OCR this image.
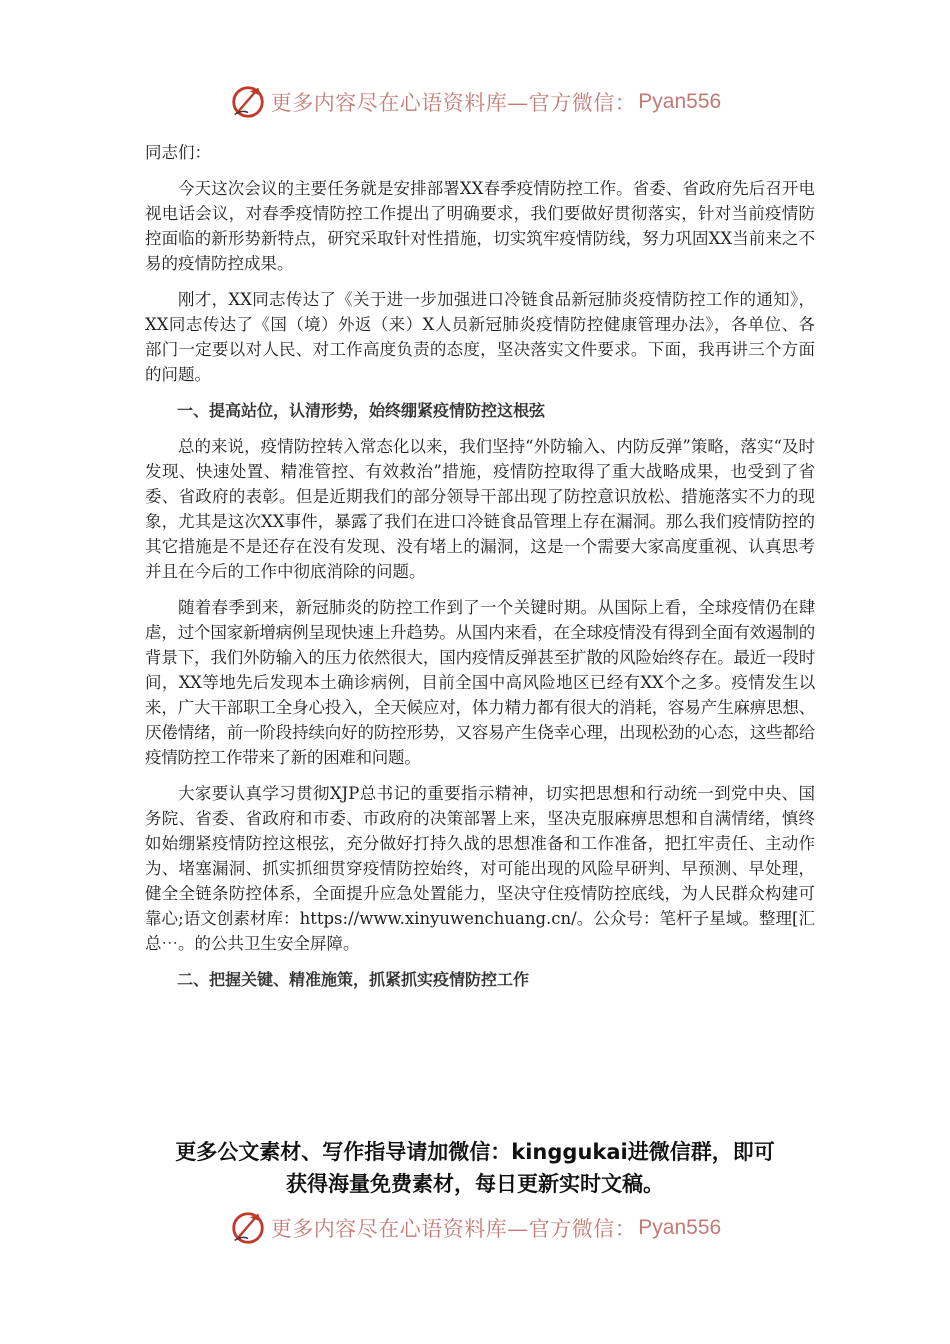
更多内容尽在心语资料库—官方微信： Pyan556

同志们：

今天这次会议的主要任务就是安排部署XX春季疫情防控工作。省委、省政府先后召开电视电话会议，对春季疫情防控工作提出了明确要求，我们要做好贯彻落实，针对当前疫情防控面临的新形势新特点，研究采取针对性措施，切实筑牢疫情防线，努力巩固XX当前来之不易的疫情防控成果。

刚才，XX同志传达了《关于进一步加强进口冷链食品新冠肺炎疫情防控工作的通知》，XX同志传达了《国（境）外返（来）X人员新冠肺炎疫情防控健康管理办法》，各单位、各部门一定要以对人民、对工作高度负责的态度，坚决落实文件要求。下面，我再讲三个方面的问题。

一、提高站位，认清形势，始终绷紧疫情防控这根弦

总的来说，疫情防控转入常态化以来，我们坚持“外防输入、内防反弹”策略，落实“及时发现、快速处置、精准管控、有效救治”措施，疫情防控取得了重大战略成果，也受到了省委、省政府的表彰。但是近期我们的部分领导干部出现了防控意识放松、措施落实不力的现象，尤其是这次XX事件，暴露了我们在进口冷链食品管理上存在漏洞。那么我们疫情防控的其它措施是不是还存在没有发现、没有堵上的漏洞，这是一个需要大家高度重视、认真思考并且在今后的工作中彻底消除的问题。

随着春季到来，新冠肺炎的防控工作到了一个关键时期。从国际上看，全球疫情仍在肆虐，过个国家新增病例呈现快速上升趋势。从国内来看，在全球疫情没有得到全面有效遏制的背景下，我们外防输入的压力依然很大，国内疫情反弹甚至扩散的风险始终存在。最近一段时间，XX等地先后发现本土确诊病例，目前全国中高风险地区已经有XX个之多。疫情发生以来，广大干部职工全身心投入，全天候应对，体力精力都有很大的消耗，容易产生麻痹思想、厌倦情绪，前一阶段持续向好的防控形势，又容易产生侥幸心理，出现松劲的心态，这些都给疫情防控工作带来了新的困难和问题。

大家要认真学习贯彻XJP总书记的重要指示精神，切实把思想和行动统一到党中央、国务院、省委、省政府和市委、市政府的决策部署上来，坚决克服麻痹思想和自满情绪，慎终如始绷紧疫情防控这根弦，充分做好打持久战的思想准备和工作准备，把扛牢责任、主动作为、堵塞漏洞、抓实抓细贯穿疫情防控始终，对可能出现的风险早研判、早预测、早处理，健全全链条防控体系，全面提升应急处置能力，坚决守住疫情防控底线，为人民群众构建可靠心;语文创素材库：https://www.xinyuwenchuang.cn/。公众号：笔杆子星域。整理[汇总⋯。的公共卫生安全屏障。

二、把握关键、精准施策，抓紧抓实疫情防控工作

更多公文素材、写作指导请加微信：kinggukai进微信群，即可
获得海量免费素材，每日更新实时文稿。
更多内容尽在心语资料库—官方微信： Pyan556
